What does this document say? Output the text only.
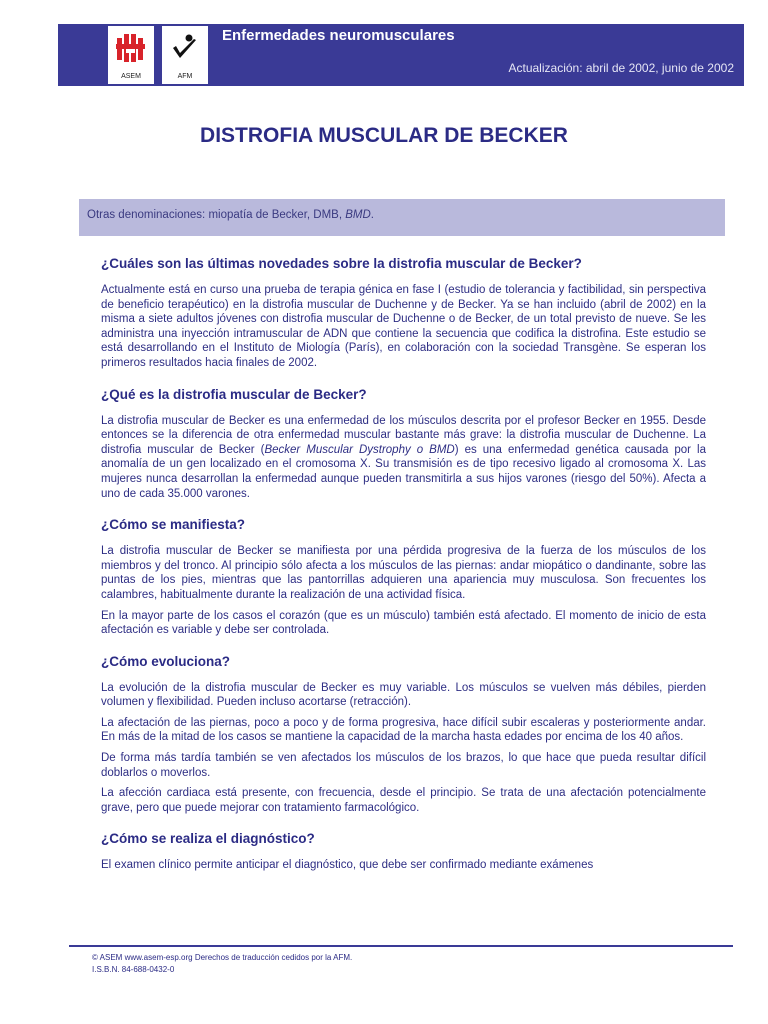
ASEM	AFM
Enfermedades neuromusculares
Actualización: abril de 2002, junio de 2002
DISTROFIA MUSCULAR DE BECKER
Otras denominaciones: miopatía de Becker, DMB, BMD.
¿Cuáles son las últimas novedades sobre la distrofia muscular de Becker?

Actualmente está en curso una prueba de terapia génica en fase I (estudio de tolerancia y factibilidad, sin perspectiva de beneficio terapéutico) en la distrofia muscular de Duchenne y de Becker. Ya se han incluido (abril de 2002) en la misma a siete adultos jóvenes con distrofia muscular de Duchenne o de Becker, de un total previsto de nueve. Se les administra una inyección intramuscular de ADN que contiene la secuencia que codifica la distrofina. Este estudio se está desarrollando en el Instituto de Miología (París), en colaboración con la sociedad Transgène. Se esperan los primeros resultados hacia finales de 2002.

¿Qué es la distrofia muscular de Becker?

La distrofia muscular de Becker es una enfermedad de los músculos descrita por el profesor Becker en 1955. Desde entonces se la diferencia de otra enfermedad muscular bastante más grave: la distrofia muscular de Duchenne. La distrofia muscular de Becker (Becker Muscular Dystrophy o BMD) es una enfermedad genética causada por la anomalía de un gen localizado en el cromosoma X. Su transmisión es de tipo recesivo ligado al cromosoma X. Las mujeres nunca desarrollan la enfermedad aunque pueden transmitirla a sus hijos varones (riesgo del 50%). Afecta a uno de cada 35.000 varones.

¿Cómo se manifiesta?

La distrofia muscular de Becker se manifiesta por una pérdida progresiva de la fuerza de los músculos de los miembros y del tronco. Al principio sólo afecta a los músculos de las piernas: andar miopático o dandinante, sobre las puntas de los pies, mientras que las pantorrillas adquieren una apariencia muy musculosa. Son frecuentes los calambres, habitualmente durante la realización de una actividad física.

En la mayor parte de los casos el corazón (que es un músculo) también está afectado. El momento de inicio de esta afectación es variable y debe ser controlada.

¿Cómo evoluciona?

La evolución de la distrofia muscular de Becker es muy variable. Los músculos se vuelven más débiles, pierden volumen y flexibilidad. Pueden incluso acortarse (retracción).

La afectación de las piernas, poco a poco y de forma progresiva, hace difícil subir escaleras y posteriormente andar. En más de la mitad de los casos se mantiene la capacidad de la marcha hasta edades por encima de los 40 años.

De forma más tardía también se ven afectados los músculos de los brazos, lo que hace que pueda resultar difícil doblarlos o moverlos.

La afección cardiaca está presente, con frecuencia, desde el principio. Se trata de una afectación potencialmente grave, pero que puede mejorar con tratamiento farmacológico.

¿Cómo se realiza el diagnóstico?

El examen clínico permite anticipar el diagnóstico, que debe ser confirmado mediante exámenes

© ASEM www.asem-esp.org Derechos de traducción cedidos por la AFM.
I.S.B.N. 84-688-0432-0
